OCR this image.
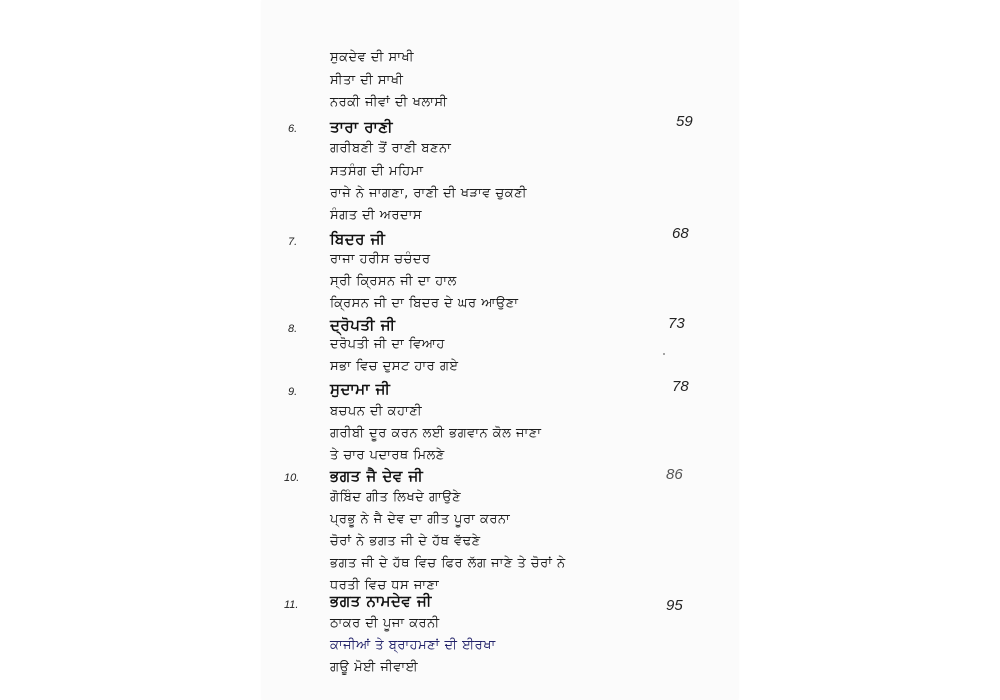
ਸੁਕਦੇਵ ਦੀ ਸਾਖੀ
ਸੀਤਾ ਦੀ ਸਾਖੀ
ਨਰਕੀ ਜੀਵਾਂ ਦੀ ਖਲਾਸੀ
6. ਤਾਰਾ ਰਾਣੀ	59
ਗਰੀਬਣੀ ਤੋਂ ਰਾਣੀ ਬਣਨਾ
ਸਤਸੰਗ ਦੀ ਮਹਿਮਾ
ਰਾਜੇ ਨੇ ਜਾਗਣਾ, ਰਾਣੀ ਦੀ ਖੜਾਵ ਚੁਕਣੀ
ਸੰਗਤ ਦੀ ਅਰਦਾਸ
7. ਬਿਦਰ ਜੀ	68
ਰਾਜਾ ਹਰੀਸ ਚਚੰਦਰ
ਸ੍ਰੀ ਕ੍ਰਿਸਨ ਜੀ ਦਾ ਹਾਲ
ਕ੍ਰਿਸਨ ਜੀ ਦਾ ਬਿਦਰ ਦੇ ਘਰ ਆਉਣਾ
8. ਦ੍ਰੋਪਤੀ ਜੀ	73
ਦਰੋਪਤੀ ਜੀ ਦਾ ਵਿਆਹ
ਸਭਾ ਵਿਚ ਦੁਸਟ ਹਾਰ ਗਏ
9. ਸੁਦਾਮਾ ਜੀ	78
ਬਚਪਨ ਦੀ ਕਹਾਣੀ
ਗਰੀਬੀ ਦੂਰ ਕਰਨ ਲਈ ਭਗਵਾਨ ਕੋਲ ਜਾਣਾ
ਤੇ ਚਾਰ ਪਦਾਰਥ ਮਿਲਣੇ
10. ਭਗਤ ਜੈ ਦੇਵ ਜੀ	86
ਗੋਬਿੰਦ ਗੀਤ ਲਿਖਦੇ ਗਾਉਣੇ
ਪ੍ਰਭੂ ਨੇ ਜੈ ਦੇਵ ਦਾ ਗੀਤ ਪੂਰਾ ਕਰਨਾ
ਚੋਰਾਂ ਨੇ ਭਗਤ ਜੀ ਦੇ ਹੱਥ ਵੱਢਣੇ
ਭਗਤ ਜੀ ਦੇ ਹੱਥ ਵਿਚ ਫਿਰ ਲੱਗ ਜਾਣੇ ਤੇ ਚੋਰਾਂ ਨੇ
ਧਰਤੀ ਵਿਚ ਧਸ ਜਾਣਾ
11. ਭਗਤ ਨਾਮਦੇਵ ਜੀ	95
ਠਾਕਰ ਦੀ ਪੂਜਾ ਕਰਨੀ
ਕਾਜੀਆਂ ਤੇ ਬ੍ਰਾਹਮਣਾਂ ਦੀ ਈਰਖਾ
ਗਊ ਮੋਈ ਜੀਵਾਈ
